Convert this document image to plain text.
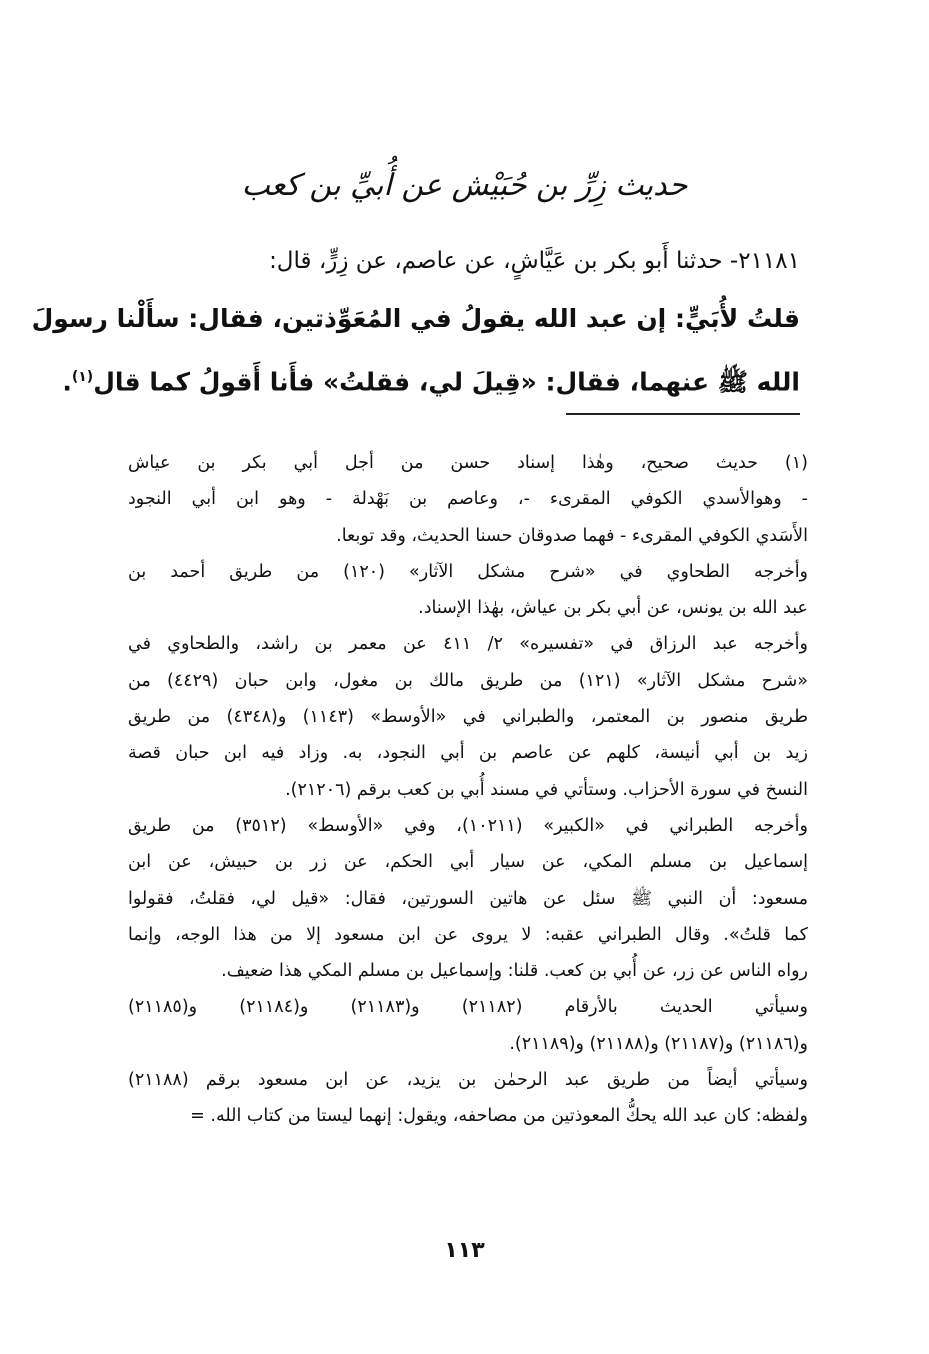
حديث زِرِّ بن حُبَيْش عن أُبيِّ بن كعب
٢١١٨١- حدثنا أَبو بكر بن عَيَّاشٍ، عن عاصم، عن زِرٍّ، قال:
قلتُ لأُبَيٍّ: إن عبد الله يقولُ في المُعَوِّذتين، فقال: سأَلْنا رسولَ
الله ﷺ عنهما، فقال: «قِيلَ لي، فقلتُ» فأَنا أَقولُ كما قال$^{(١)}$.
(١) حديث صحيح، وهٰذا إسناد حسن من أجل أبي بكر بن عياش
- وهوالأسدي الكوفي المقرىء -، وعاصم بن بَهْدلة - وهو ابن أبي النجود
الأَسَدي الكوفي المقرىء - فهما صدوقان حسنا الحديث، وقد توبعا.
وأخرجه الطحاوي في «شرح مشكل الآثار» (١٢٠) من طريق أحمد بن
عبد الله بن يونس، عن أبي بكر بن عياش، بهٰذا الإسناد.
وأخرجه عبد الرزاق في «تفسيره» ٢/ ٤١١ عن معمر بن راشد، والطحاوي في
«شرح مشكل الآثار» (١٢١) من طريق مالك بن مغول، وابن حبان (٤٤٢٩) من
طريق منصور بن المعتمر، والطبراني في «الأوسط» (١١٤٣) و(٤٣٤٨) من طريق
زيد بن أبي أنيسة، كلهم عن عاصم بن أبي النجود، به. وزاد فيه ابن حبان قصة
النسخ في سورة الأحزاب. وستأتي في مسند أُبي بن كعب برقم (٢١٢٠٦).
وأخرجه الطبراني في «الكبير» (١٠٢١١)، وفي «الأوسط» (٣٥١٢) من طريق
إسماعيل بن مسلم المكي، عن سيار أبي الحكم، عن زر بن حبيش، عن ابن
مسعود: أن النبي ﷺ سئل عن هاتين السورتين، فقال: «قيل لي، فقلتُ، فقولوا
كما قلتُ». وقال الطبراني عقبه: لا يروى عن ابن مسعود إلا من هذا الوجه، وإنما
رواه الناس عن زر، عن أُبي بن كعب. قلنا: وإسماعيل بن مسلم المكي هذا ضعيف.
وسيأتي الحديث بالأرقام (٢١١٨٢) و(٢١١٨٣) و(٢١١٨٤) و(٢١١٨٥)
و(٢١١٨٦) و(٢١١٨٧) و(٢١١٨٨) و(٢١١٨٩).
وسيأتي أيضاً من طريق عبد الرحمٰن بن يزيد، عن ابن مسعود برقم (٢١١٨٨)
ولفظه: كان عبد الله يحكُّ المعوذتين من مصاحفه، ويقول: إنهما ليستا من كتاب الله. =
١١٣
